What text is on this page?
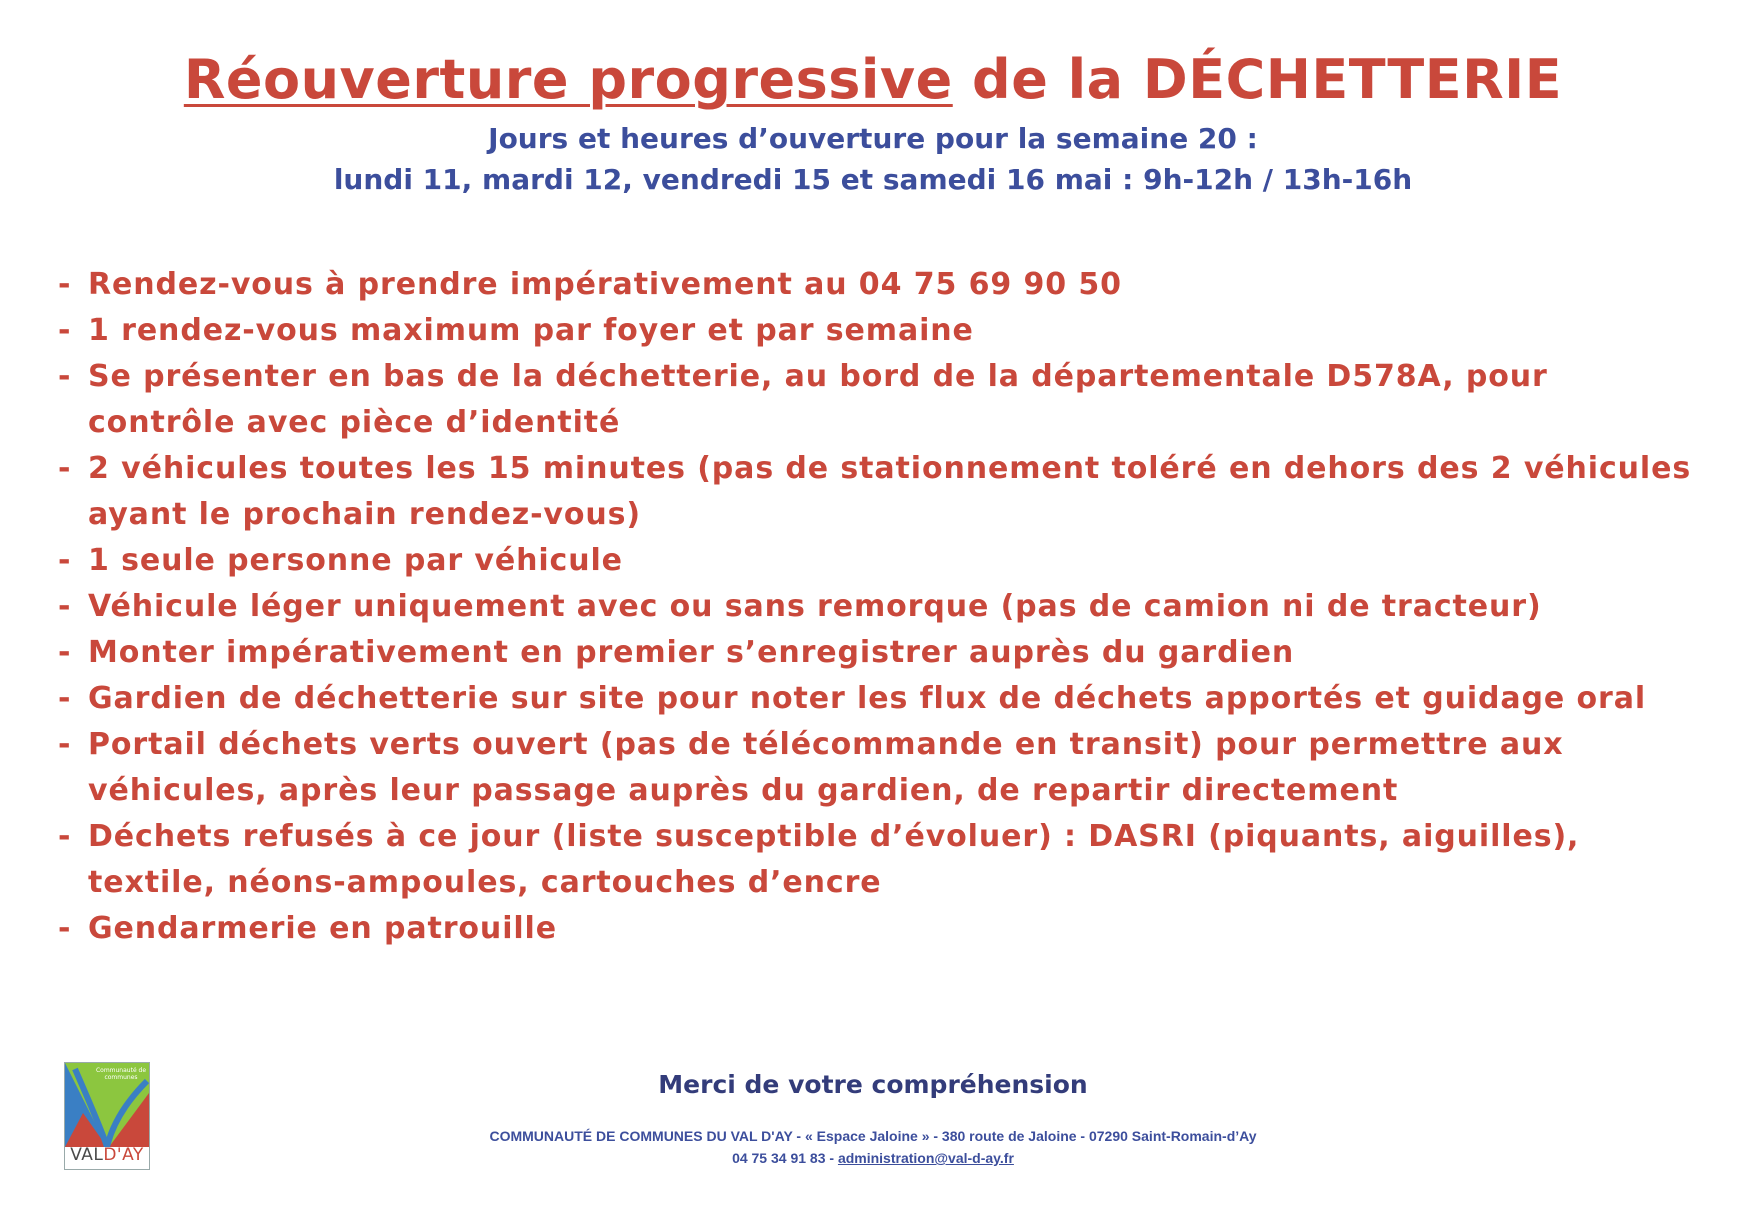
Réouverture progressive de la DÉCHETTERIE

Jours et heures d’ouverture pour la semaine 20 :

lundi 11, mardi 12, vendredi 15 et samedi 16 mai : 9h-12h / 13h-16h

- Rendez-vous à prendre impérativement au 04 75 69 90 50
- 1 rendez-vous maximum par foyer et par semaine
- Se présenter en bas de la déchetterie, au bord de la départementale D578A, pour contrôle avec pièce d’identité
- 2 véhicules toutes les 15 minutes (pas de stationnement toléré en dehors des 2 véhicules ayant le prochain rendez-vous)
- 1 seule personne par véhicule
- Véhicule léger uniquement avec ou sans remorque (pas de camion ni de tracteur)
- Monter impérativement en premier s’enregistrer auprès du gardien
- Gardien de déchetterie sur site pour noter les flux de déchets apportés et guidage oral
- Portail déchets verts ouvert (pas de télécommande en transit) pour permettre aux véhicules, après leur passage auprès du gardien, de repartir directement
- Déchets refusés à ce jour (liste susceptible d’évoluer) : DASRI (piquants, aiguilles), textile, néons-ampoules, cartouches d’encre
- Gendarmerie en patrouille
Communauté de communes
VALD'AY

Merci de votre compréhension

COMMUNAUTÉ DE COMMUNES DU VAL D'AY - « Espace Jaloine » - 380 route de Jaloine - 07290 Saint-Romain-d’Ay

04 75 34 91 83 - administration@val-d-ay.fr
